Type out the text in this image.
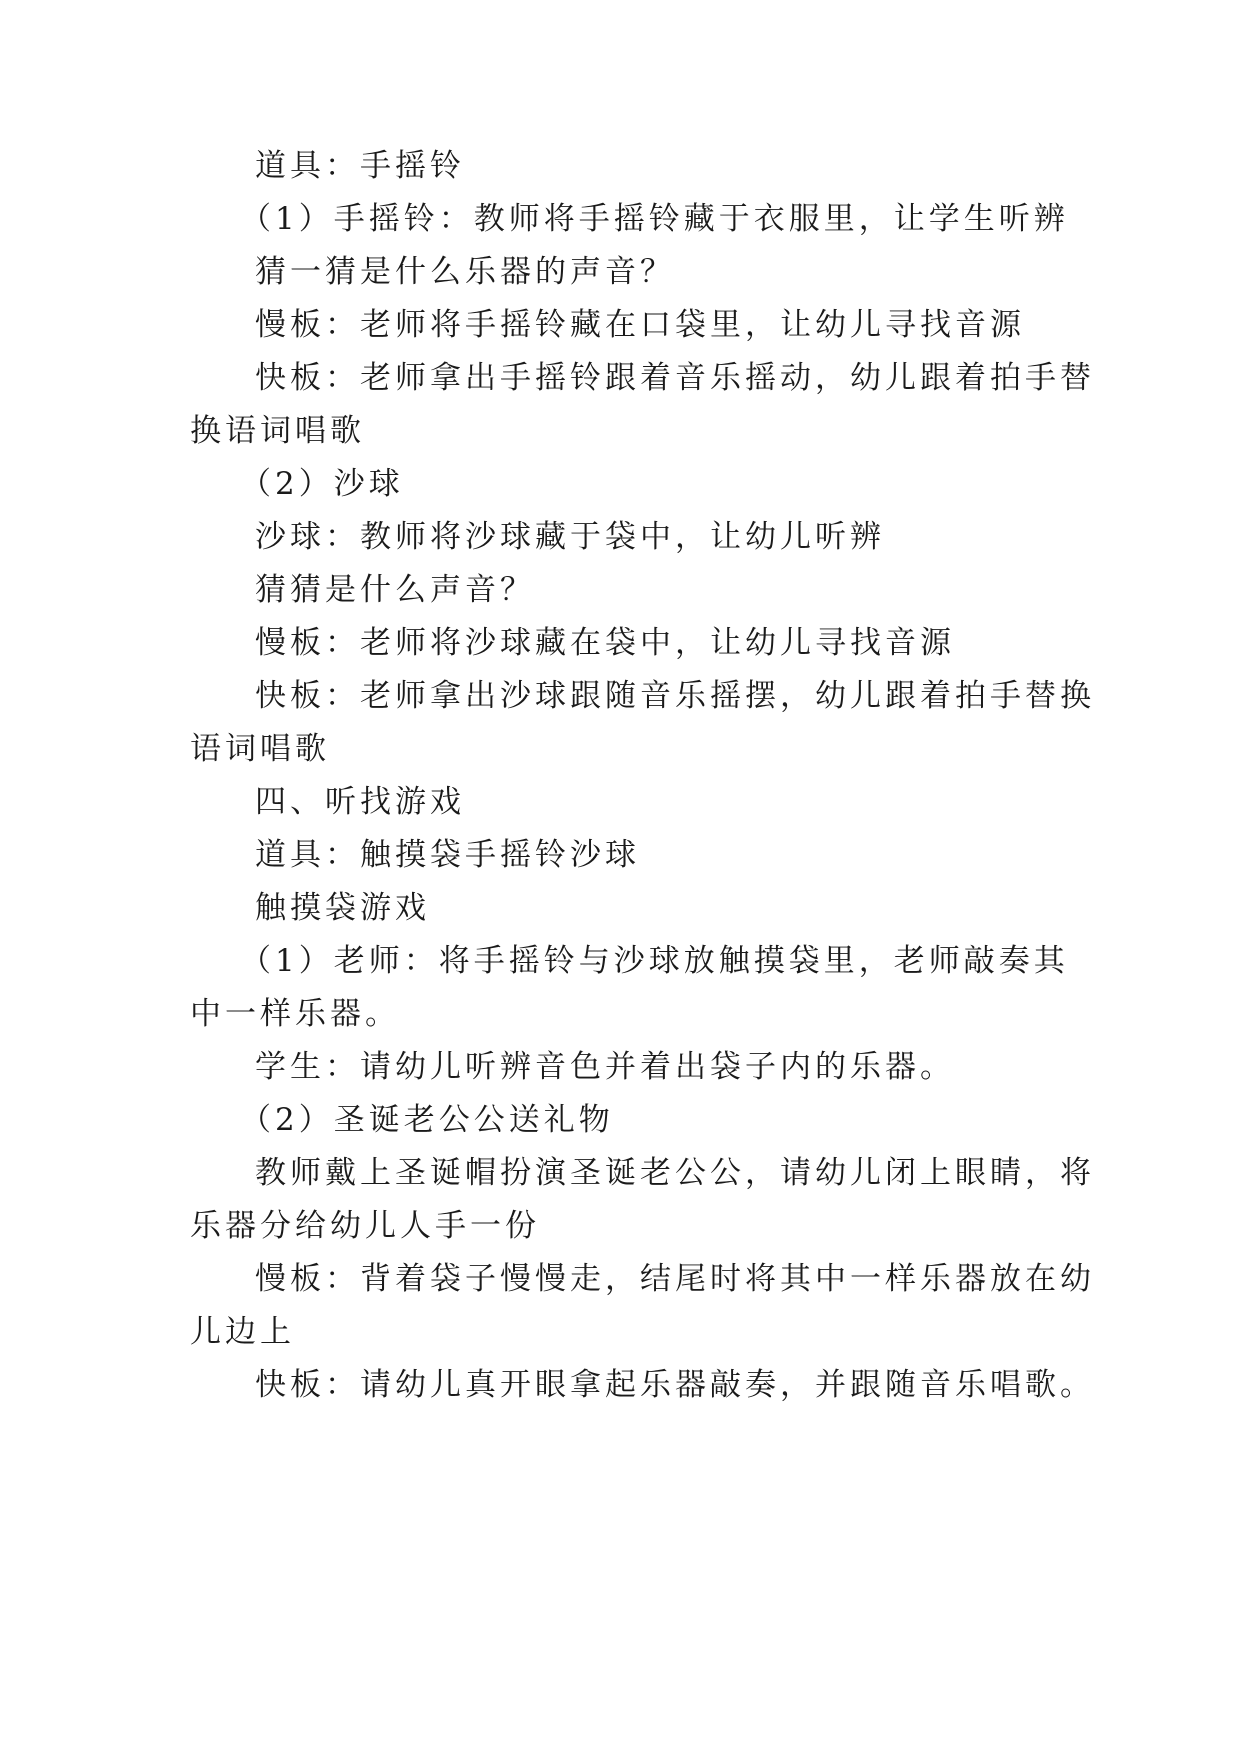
道具：手摇铃
（1）手摇铃：教师将手摇铃藏于衣服里，让学生听辨
猜一猜是什么乐器的声音？
慢板：老师将手摇铃藏在口袋里，让幼儿寻找音源
快板：老师拿出手摇铃跟着音乐摇动，幼儿跟着拍手替
换语词唱歌
（2）沙球
沙球：教师将沙球藏于袋中，让幼儿听辨
猜猜是什么声音？
慢板：老师将沙球藏在袋中，让幼儿寻找音源
快板：老师拿出沙球跟随音乐摇摆，幼儿跟着拍手替换
语词唱歌
四、听找游戏
道具：触摸袋手摇铃沙球
触摸袋游戏
（1）老师：将手摇铃与沙球放触摸袋里，老师敲奏其
中一样乐器。
学生：请幼儿听辨音色并着出袋子内的乐器。
（2）圣诞老公公送礼物
教师戴上圣诞帽扮演圣诞老公公，请幼儿闭上眼睛，将
乐器分给幼儿人手一份
慢板：背着袋子慢慢走，结尾时将其中一样乐器放在幼
儿边上
快板：请幼儿真开眼拿起乐器敲奏，并跟随音乐唱歌。
